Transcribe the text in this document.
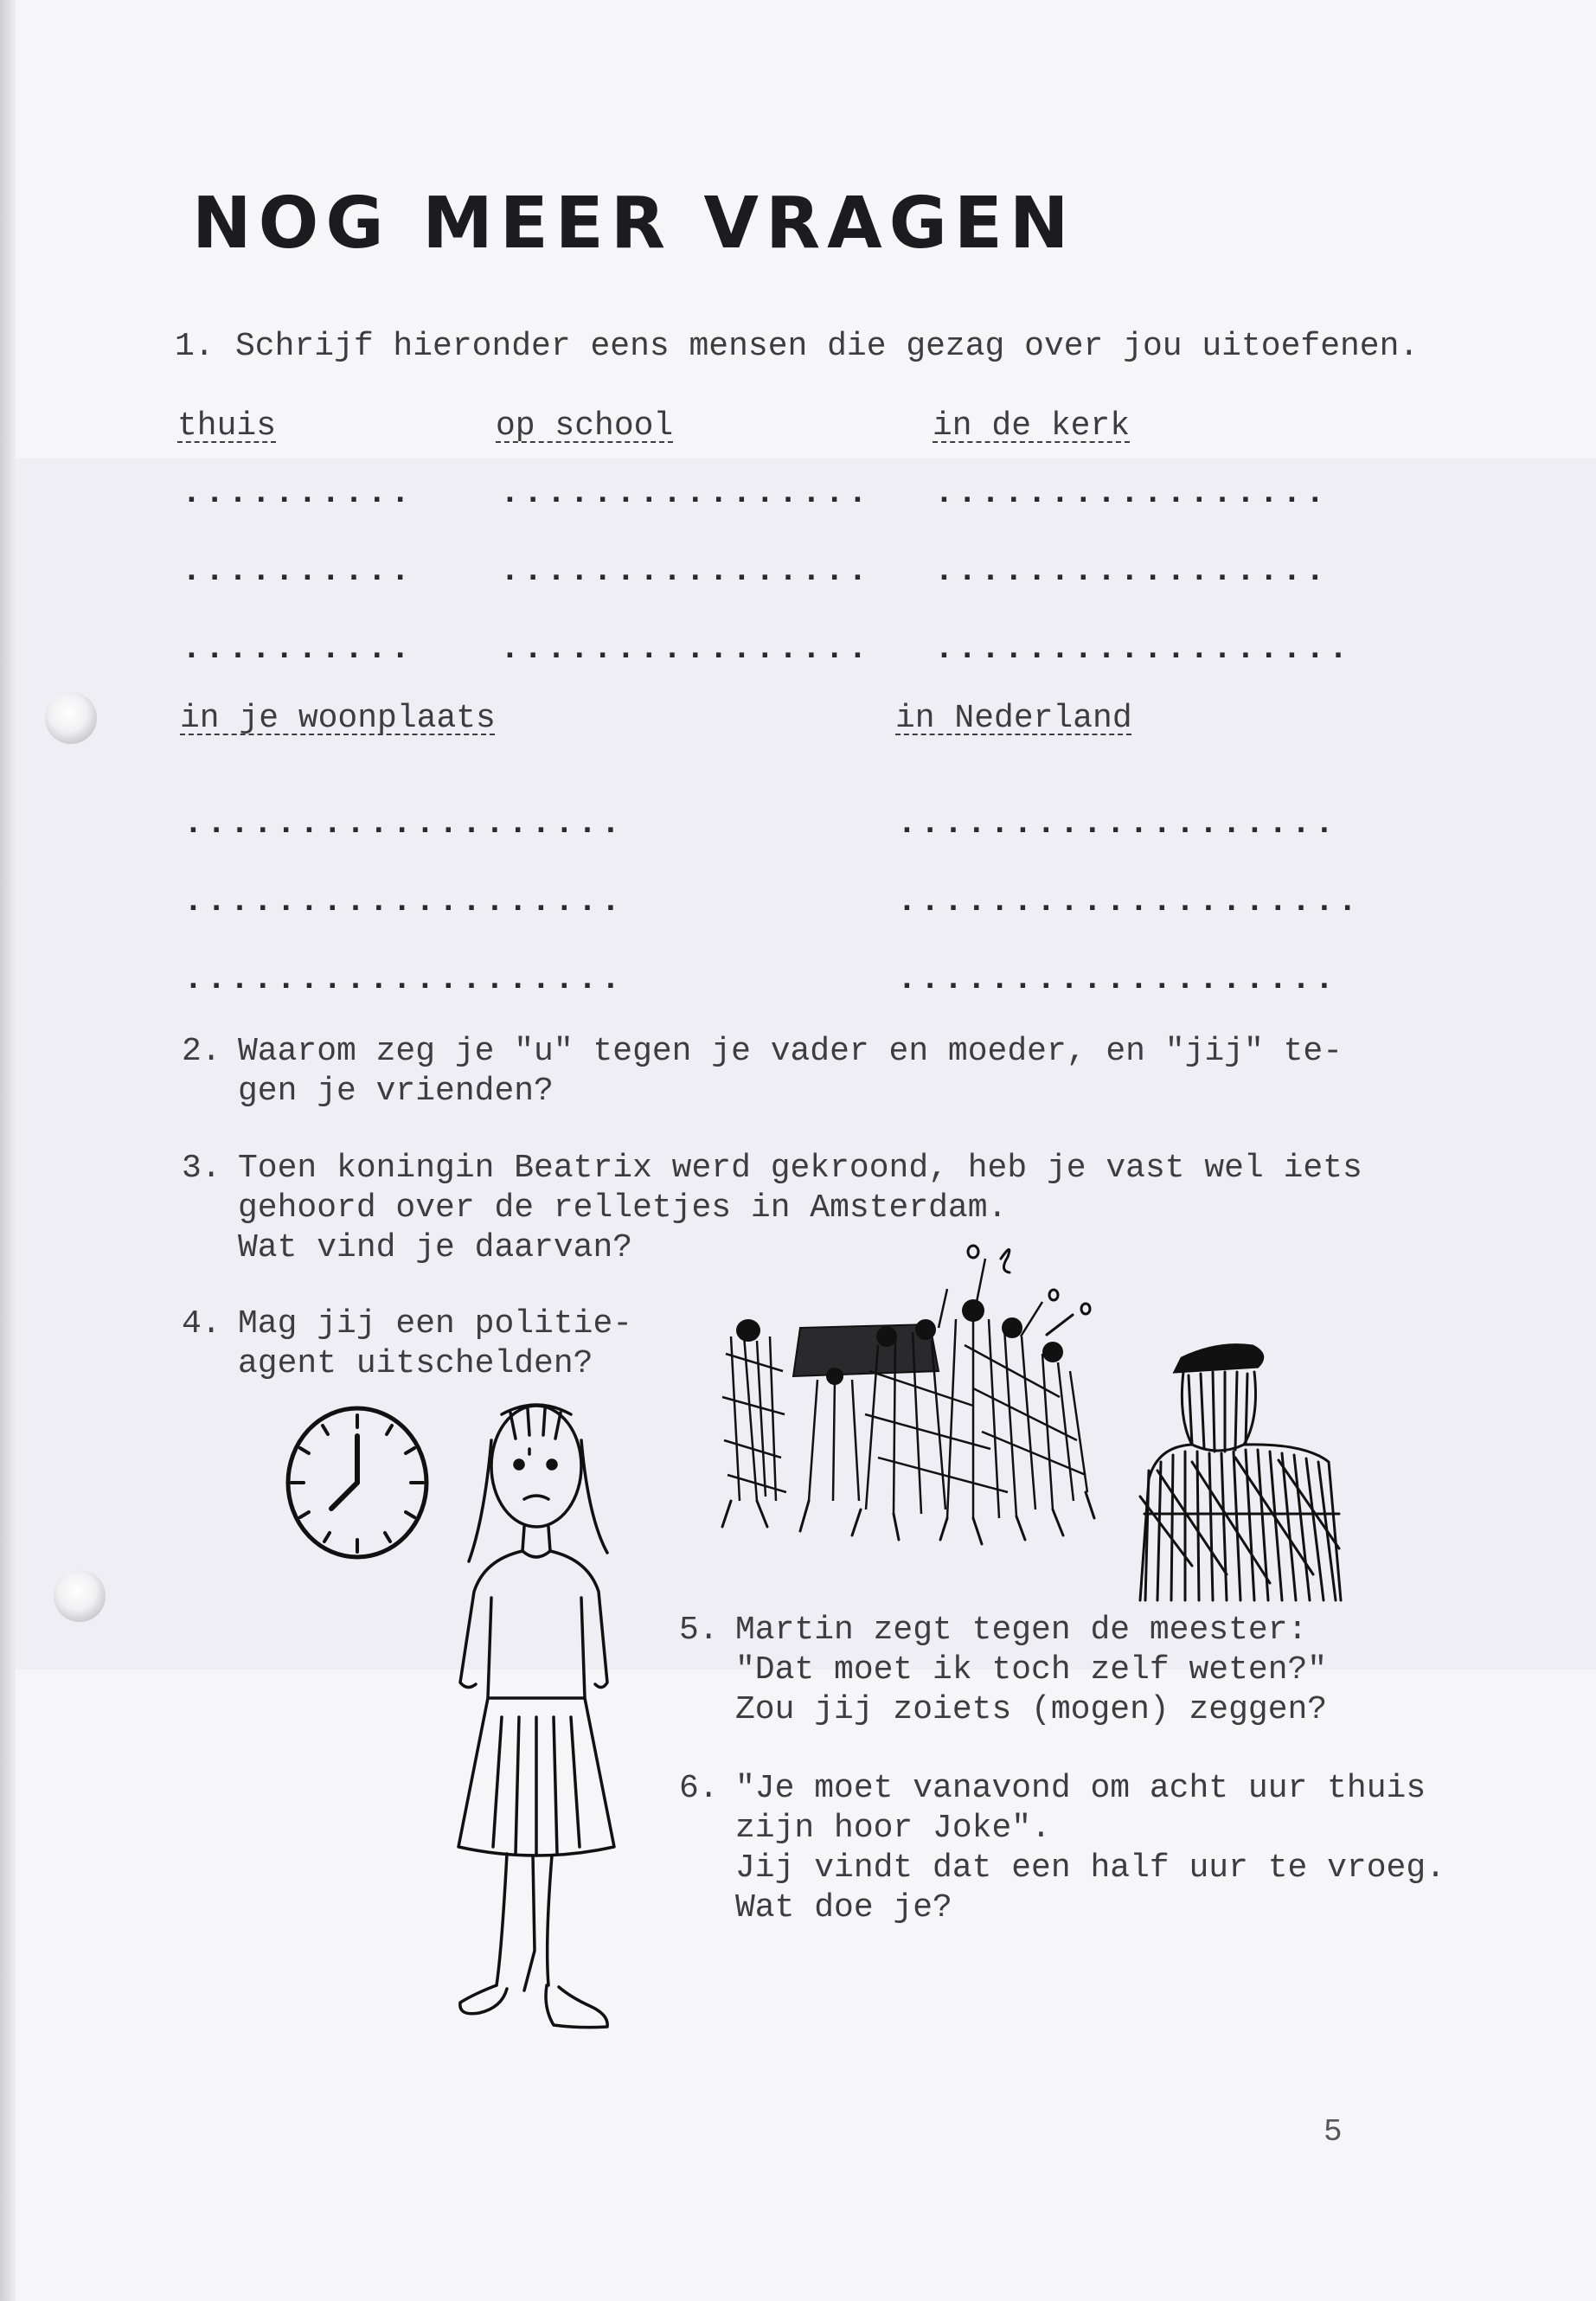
NOG MEER VRAGEN
1. Schrijf hieronder eens mensen die gezag over jou uitoefenen.
thuis	op school	in de kerk
..........	................ .................
..........	................ .................
..........	................ ..................
in je woonplaats	in Nederland
...................	...................
...................	....................
...................	...................
2. Waarom zeg je "u" tegen je vader en moeder, en "jij" te-
gen je vrienden?
3. Toen koningin Beatrix werd gekroond, heb je vast wel iets
gehoord over de relletjes in Amsterdam.
Wat vind je daarvan?
4. Mag jij een politie-
agent uitschelden?
5. Martin zegt tegen de meester:
"Dat moet ik toch zelf weten?"
Zou jij zoiets (mogen) zeggen?
6. "Je moet vanavond om acht uur thuis
zijn hoor Joke".
Jij vindt dat een half uur te vroeg.
Wat doe je?
5
